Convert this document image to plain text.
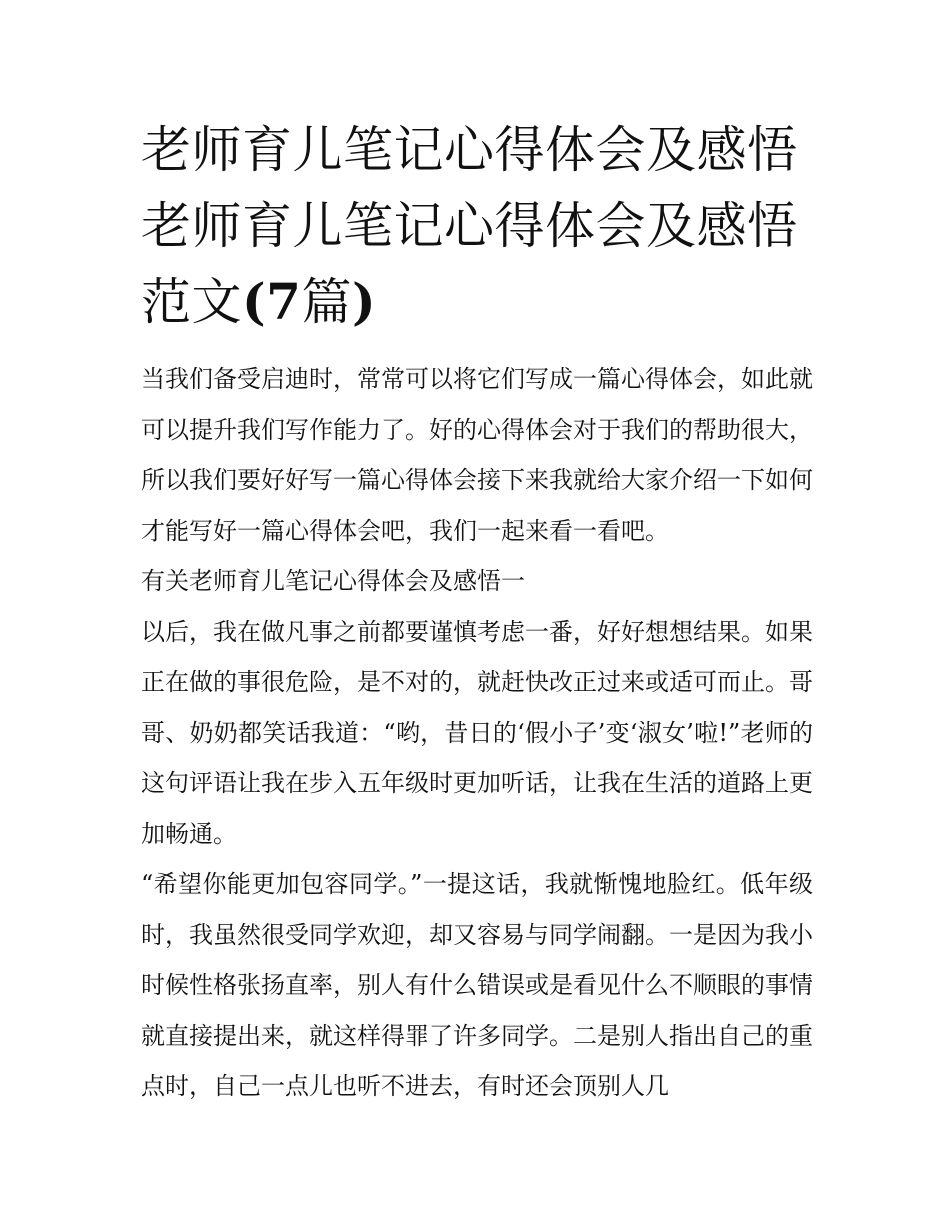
老师育儿笔记心得体会及感悟
老师育儿笔记心得体会及感悟
范文(7篇)

当我们备受启迪时，常常可以将它们写成一篇心得体会，如此就可以提升我们写作能力了。好的心得体会对于我们的帮助很大，所以我们要好好写一篇心得体会接下来我就给大家介绍一下如何才能写好一篇心得体会吧，我们一起来看一看吧。

有关老师育儿笔记心得体会及感悟一

以后，我在做凡事之前都要谨慎考虑一番，好好想想结果。如果正在做的事很危险，是不对的，就赶快改正过来或适可而止。哥哥、奶奶都笑话我道：“哟，昔日的‘假小子’变‘淑女’啦!”老师的这句评语让我在步入五年级时更加听话，让我在生活的道路上更加畅通。

“希望你能更加包容同学。”一提这话，我就惭愧地脸红。低年级时，我虽然很受同学欢迎，却又容易与同学闹翻。一是因为我小时候性格张扬直率，别人有什么错误或是看见什么不顺眼的事情就直接提出来，就这样得罪了许多同学。二是别人指出自己的重点时，自己一点儿也听不进去，有时还会顶别人几
